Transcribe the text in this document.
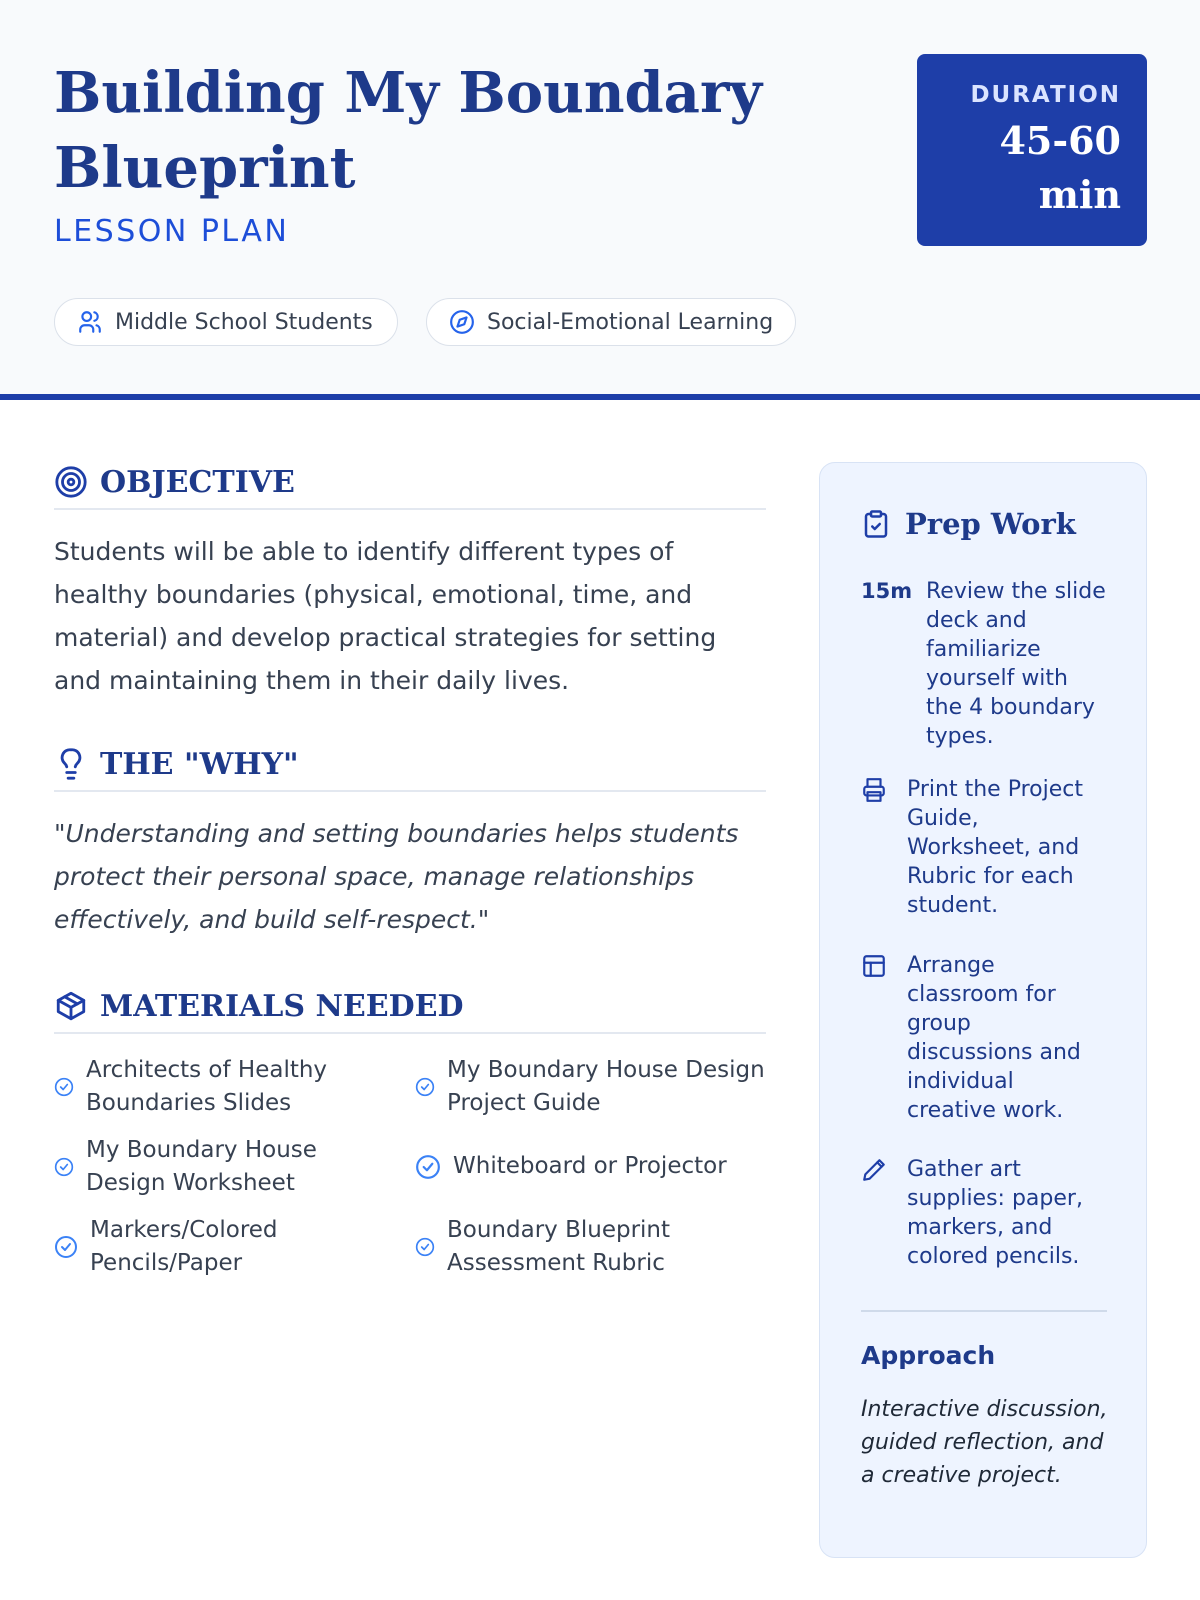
Building My Boundary Blueprint
LESSON PLAN
DURATION
45-60 min
Middle School Students	Social-Emotional Learning
OBJECTIVE

Students will be able to identify different types of healthy boundaries (physical, emotional, time, and material) and develop practical strategies for setting and maintaining them in their daily lives.

THE "WHY"

"Understanding and setting boundaries helps students protect their personal space, manage relationships effectively, and build self-respect."

MATERIALS NEEDED
Architects of Healthy Boundaries Slides
My Boundary House Design Project Guide
My Boundary House Design Worksheet
Whiteboard or Projector
Markers/Colored Pencils/Paper
Boundary Blueprint Assessment Rubric
Prep Work
15m Review the slide deck and familiarize yourself with the 4 boundary types.
Print the Project Guide, Worksheet, and Rubric for each student.
Arrange classroom for group discussions and individual creative work.
Gather art supplies: paper, markers, and colored pencils.
Approach

Interactive discussion, guided reflection, and a creative project.
